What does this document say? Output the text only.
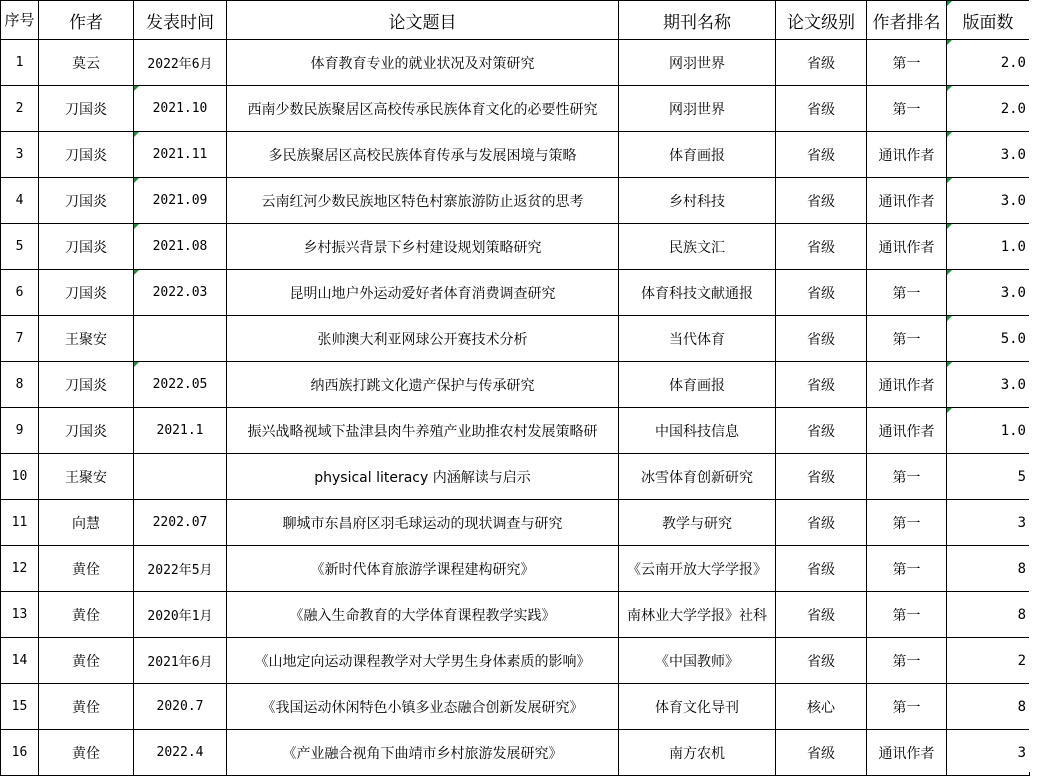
序号	作者	发表时间	论文题目	期刊名称	论文级别	作者排名	版面数
1	莫云	2022年6月	体育教育专业的就业状况及对策研究	网羽世界	省级	第一	2.0
2	刀国炎	2021.10	西南少数民族聚居区高校传承民族体育文化的必要性研究	网羽世界	省级	第一	2.0
3	刀国炎	2021.11	多民族聚居区高校民族体育传承与发展困境与策略	体育画报	省级	通讯作者	3.0
4	刀国炎	2021.09	云南红河少数民族地区特色村寨旅游防止返贫的思考	乡村科技	省级	通讯作者	3.0
5	刀国炎	2021.08	乡村振兴背景下乡村建设规划策略研究	民族文汇	省级	通讯作者	1.0
6	刀国炎	2022.03	昆明山地户外运动爱好者体育消费调查研究	体育科技文献通报	省级	第一	3.0
7	王聚安		张帅澳大利亚网球公开赛技术分析	当代体育	省级	第一	5.0
8	刀国炎	2022.05	纳西族打跳文化遗产保护与传承研究	体育画报	省级	通讯作者	3.0
9	刀国炎	2021.1	振兴战略视域下盐津县肉牛养殖产业助推农村发展策略研	中国科技信息	省级	通讯作者	1.0
10	王聚安		physical literacy 内涵解读与启示	冰雪体育创新研究	省级	第一	5
11	向慧	2202.07	聊城市东昌府区羽毛球运动的现状调查与研究	教学与研究	省级	第一	3
12	黄佺	2022年5月	《新时代体育旅游学课程建构研究》	《云南开放大学学报》	省级	第一	8
13	黄佺	2020年1月	《融入生命教育的大学体育课程教学实践》	南林业大学学报》社科	省级	第一	8
14	黄佺	2021年6月	《山地定向运动课程教学对大学男生身体素质的影响》	《中国教师》	省级	第一	2
15	黄佺	2020.7	《我国运动休闲特色小镇多业态融合创新发展研究》	体育文化导刊	核心	第一	8
16	黄佺	2022.4	《产业融合视角下曲靖市乡村旅游发展研究》	南方农机	省级	通讯作者	3
